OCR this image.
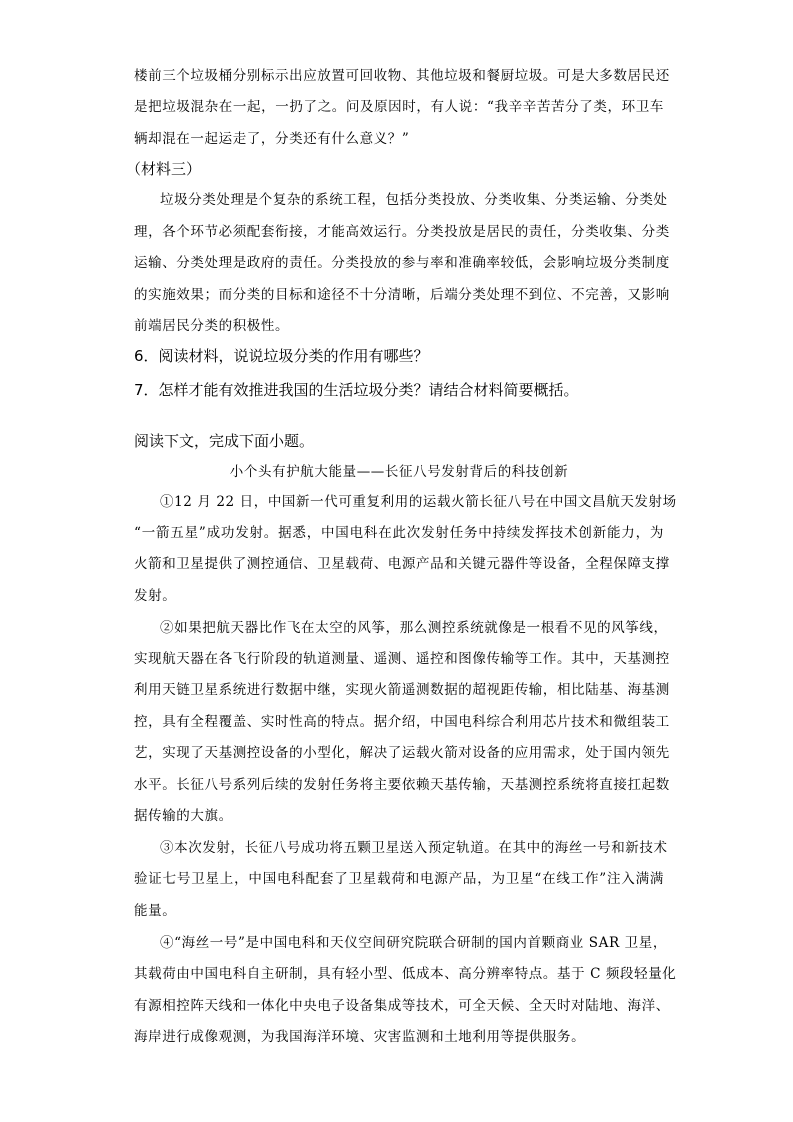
楼前三个垃圾桶分别标示出应放置可回收物、其他垃圾和餐厨垃圾。可是大多数居民还
是把垃圾混杂在一起，一扔了之。问及原因时，有人说：“我辛辛苦苦分了类，环卫车
辆却混在一起运走了，分类还有什么意义？”
（材料三）
垃圾分类处理是个复杂的系统工程，包括分类投放、分类收集、分类运输、分类处
理，各个环节必须配套衔接，才能高效运行。分类投放是居民的责任，分类收集、分类
运输、分类处理是政府的责任。分类投放的参与率和准确率较低，会影响垃圾分类制度
的实施效果；而分类的目标和途径不十分清晰，后端分类处理不到位、不完善，又影响
前端居民分类的积极性。
6．阅读材料，说说垃圾分类的作用有哪些？
7．怎样才能有效推进我国的生活垃圾分类？请结合材料简要概括。
阅读下文，完成下面小题。
小个头有护航大能量——长征八号发射背后的科技创新
①12 月 22 日，中国新一代可重复利用的运载火箭长征八号在中国文昌航天发射场
“一箭五星”成功发射。据悉，中国电科在此次发射任务中持续发挥技术创新能力，为
火箭和卫星提供了测控通信、卫星载荷、电源产品和关键元器件等设备，全程保障支撑
发射。
②如果把航天器比作飞在太空的风筝，那么测控系统就像是一根看不见的风筝线，
实现航天器在各飞行阶段的轨道测量、遥测、遥控和图像传输等工作。其中，天基测控
利用天链卫星系统进行数据中继，实现火箭遥测数据的超视距传输，相比陆基、海基测
控，具有全程覆盖、实时性高的特点。据介绍，中国电科综合利用芯片技术和微组装工
艺，实现了天基测控设备的小型化，解决了运载火箭对设备的应用需求，处于国内领先
水平。长征八号系列后续的发射任务将主要依赖天基传输，天基测控系统将直接扛起数
据传输的大旗。
③本次发射，长征八号成功将五颗卫星送入预定轨道。在其中的海丝一号和新技术
验证七号卫星上，中国电科配套了卫星载荷和电源产品，为卫星“在线工作”注入满满
能量。
④“海丝一号”是中国电科和天仪空间研究院联合研制的国内首颗商业 SAR 卫星，
其载荷由中国电科自主研制，具有轻小型、低成本、高分辨率特点。基于 C 频段轻量化
有源相控阵天线和一体化中央电子设备集成等技术，可全天候、全天时对陆地、海洋、
海岸进行成像观测，为我国海洋环境、灾害监测和土地利用等提供服务。
